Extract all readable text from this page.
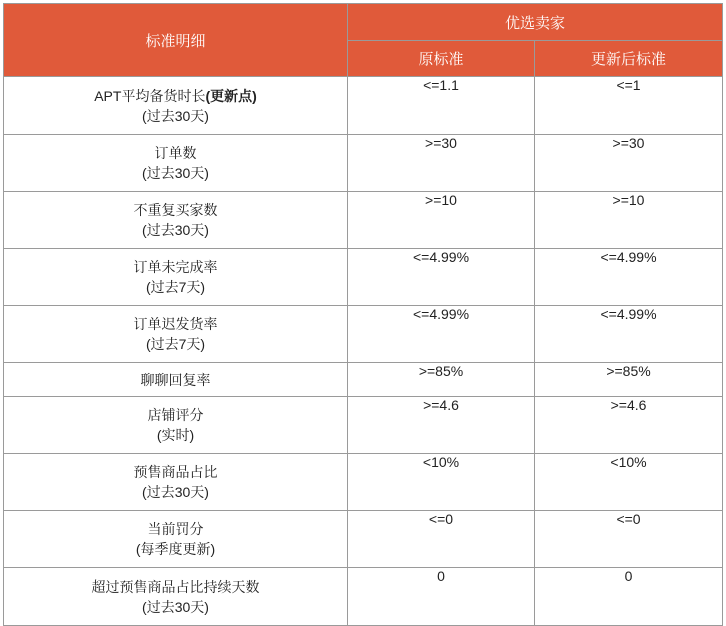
标准明细	优选卖家	
	原标准	更新后标准

APT平均备货时长(更新点)
(过去30天)	<=1.1	<=1

订单数
(过去30天)	>=30	>=30

不重复买家数
(过去30天)	>=10	>=10

订单未完成率
(过去7天)	<=4.99%	<=4.99%

订单迟发货率
(过去7天)	<=4.99%	<=4.99%

聊聊回复率	>=85%	>=85%

店铺评分
(实时)	>=4.6	>=4.6

预售商品占比
(过去30天)	<10%	<10%

当前罚分
(每季度更新)	<=0	<=0

超过预售商品占比持续天数
(过去30天)	0	0
